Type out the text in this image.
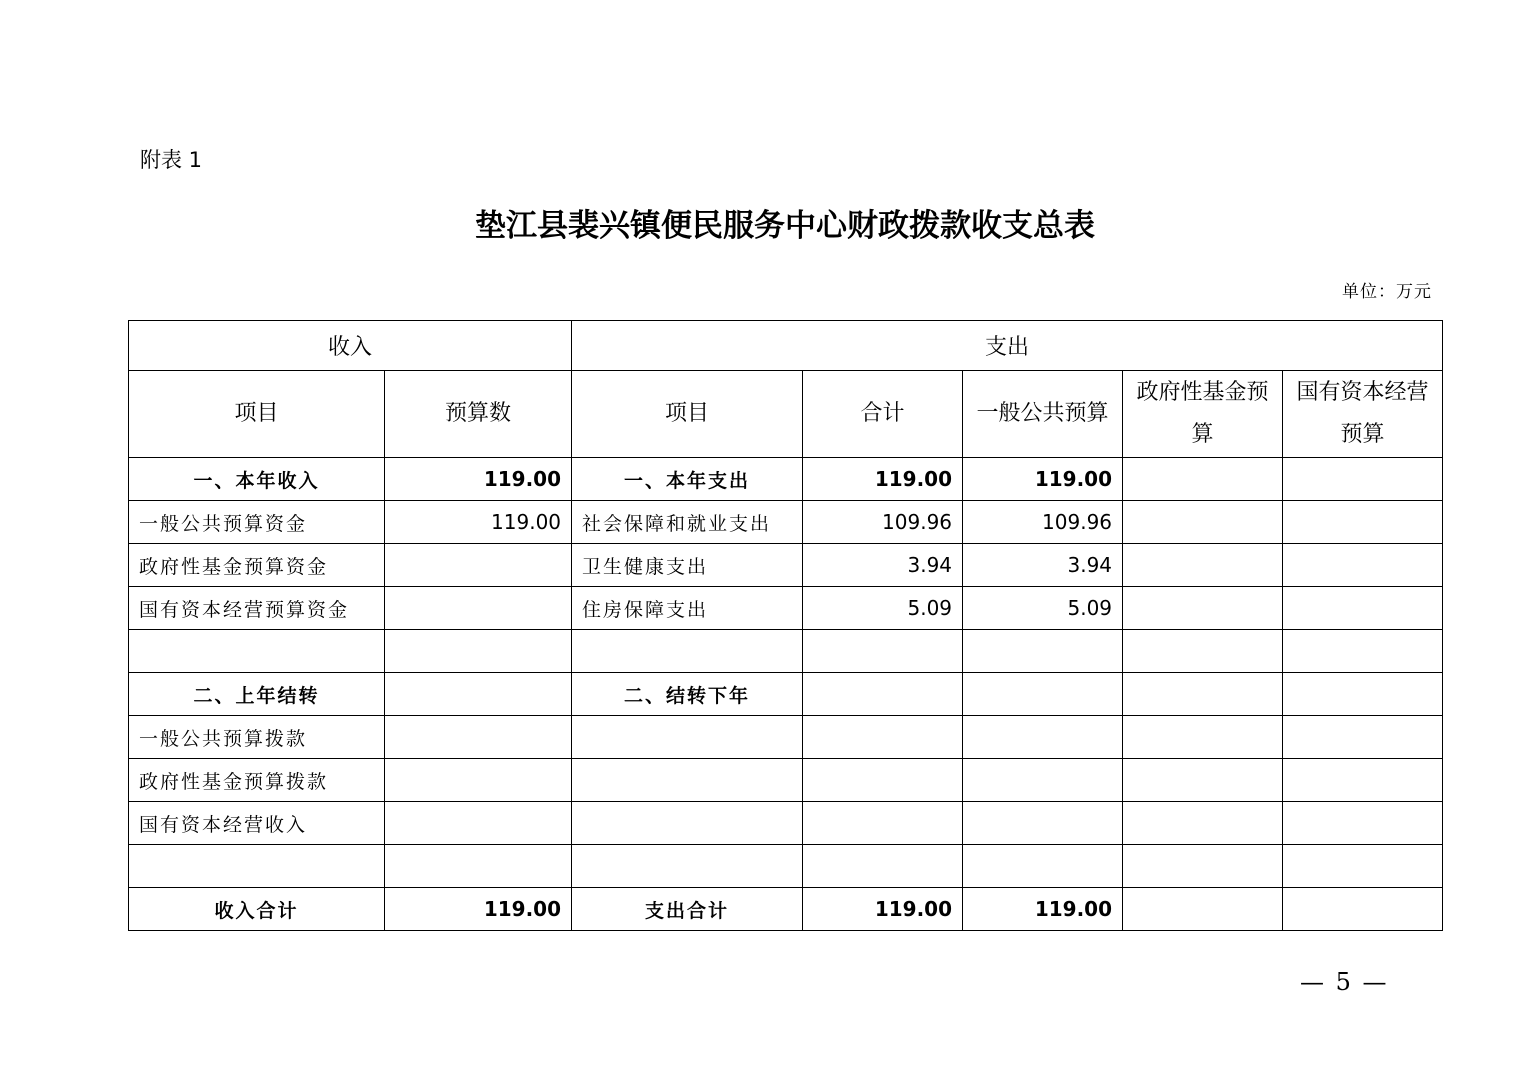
附表 1
垫江县裴兴镇便民服务中心财政拨款收支总表
单位：万元
收入		支出				
项目	预算数	项目	合计	一般公共预算	政府性基金预算	国有资本经营预算
一、本年收入	119.00	一、本年支出	119.00	119.00		
一般公共预算资金	119.00	社会保障和就业支出	109.96	109.96		
政府性基金预算资金		卫生健康支出	3.94	3.94		
国有资本经营预算资金		住房保障支出	5.09	5.09		

二、上年结转		二、结转下年				
一般公共预算拨款						
政府性基金预算拨款						
国有资本经营收入						

收入合计	119.00	支出合计	119.00	119.00		
— 5 —
